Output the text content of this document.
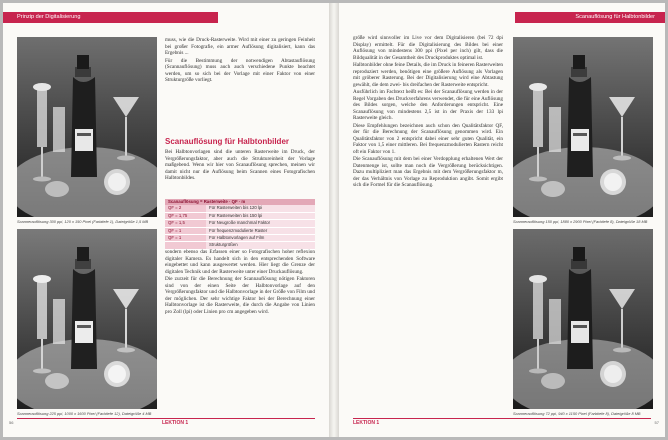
Prinzip der Digitalisierung
Scannerauflösung 300 ppi, 120 x 150 Pixel (Farbtiefe 1), Dateigröße 1,5 MB
Scannerauflösung 225 ppi, 1000 x 1600 Pixel (Farbtiefe 12), Dateigröße 4 MB

muss, wie die Druck-Rasterweite. Wird mit einer zu geringen Feinheit bei großer Fotografie, ein armer Auflösung digitalisiert, kann das Ergebnis ...

Für die Bestimmung der notwendigen Abtastauflösung (Scannauflösung) muss auch auch verschiedene Punkte beachtet werden, um so sich bei der Vorlage mit einer Faktor von einer Strukturgröße vorliegt.

Scanauflösung für Halbtonbilder

Bei Halbtonvorlagen sind die unteren Rasterweite im Druck, der Vergrößerungsfaktor, aber auch die Struktureinheit der Vorlage maßgebend. Wenn wir hier von Scanauflösung sprechen, meinen wir damit nicht nur die Auflösung beim Scannen eines Fotografischen Halbtonbildes.

Scanauflösung = Rasterweite · QF · m	
QF = 2	Für Rasterweiten bis 120 lpi
QF = 1,75	Für Rasterweiten bis 150 lpi
QF = 1,5	Für Neugroße manchmal Faktor
QF = 1	Für frequenzmodulierte Raster
QF = 1	Für Halbtonvorlagen auf Film
	Strukturgrößen

sondern ebenso das Erfassen einer so Fotografischen hoher reflexion digitaler Kamera. Es handelt sich in den entsprechenden Software eingebettet und kann ausgewertet werden. Hier liegt die Grenze der digitalen Technik und der Rasterweite unter einer Druckauflösung.

Die zurzeit für die Berechnung der Scannauflösung nötigen Faktoren sind von der einen Seite der Halbtonvorlage auf den Vergrößerungsfaktor und die Halbtonvorlage in der Größe von Film und der möglichen. Der sehr wichtige Faktor bei der Berechnung einer Halbtonvorlage ist die Rasterweite, die durch die Angabe von Linien pro Zoll (lpi) oder Linien pro cm angegeben wird.

LEKTION 1
56
Scanauflösung für Halbtonbilder

größe wird sinnvoller im Live vor dem Digitalisieren (bei 72 dpi Display) ermittelt. Für die Digitalisierung des Bildes bei einer Auflösung von mindestens 300 ppi (Pixel per inch) gilt, dass die Bildqualität in der Gesamtheit des Druckproduktes optimal ist.

Halbtonbilder ohne feine Details, die im Druck in feineren Rasterweiten reproduziert werden, benötigen eine größere Auflösung als Vorlagen mit gröberer Rasterung. Bei der Digitalisierung wird eine Abtastung gewählt, die dem zwei- bis dreifachen der Rasterweite entspricht.

Ausführlich im Fachtext heißt es: Bei der Scanauflösung werden in der Regel Vorgaben des Druckverfahrens verwendet, die für eine Auflösung des Bildes sorgen, welche den Anforderungen entspricht. Eine Scanauflösung von mindestens 2,5 ist in der Praxis der 133 lpi Rasterweite gleich.

Diese Empfehlungen bezeichnen auch schon den Qualitätsfaktor QF, der für die Berechnung der Scanauflösung genommen wird. Ein Qualitätsfaktor von 2 entspricht dabei einer sehr guten Qualität, ein Faktor von 1,5 einer mittleren. Bei frequenzmodulierten Rastern reicht oft ein Faktor von 1.

Die Scanauflösung mit dem bei einer Verdopplung erhaltenen Wert der Datenmenge ist, sollte man noch die Vergrößerung berücksichtigen. Dazu multipliziert man das Ergebnis mit dem Vergrößerungsfaktor m, der das Verhältnis von Vorlage zu Reproduktion angibt. Somit ergibt sich die Formel für die Scanauflösung.

Scannerauflösung 150 ppi, 1880 x 2900 Pixel (Farbtiefe 8), Dateigröße 18 MB
Scannerauflösung 72 ppi, 940 x 1150 Pixel (Farbtiefe 8), Dateigröße 8 MB
LEKTION 1	57
